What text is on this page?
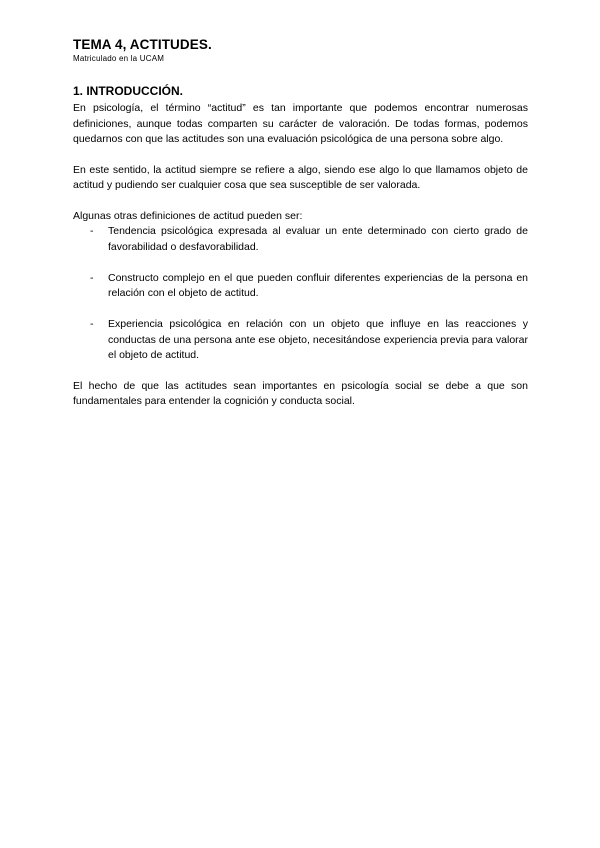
TEMA 4, ACTITUDES.

Matriculado en la UCAM

1. INTRODUCCIÓN.

En psicología, el término “actitud” es tan importante que podemos encontrar numerosas definiciones, aunque todas comparten su carácter de valoración. De todas formas, podemos quedarnos con que las actitudes son una evaluación psicológica de una persona sobre algo.

En este sentido, la actitud siempre se refiere a algo, siendo ese algo lo que llamamos objeto de actitud y pudiendo ser cualquier cosa que sea susceptible de ser valorada.

Algunas otras definiciones de actitud pueden ser:

- Tendencia psicológica expresada al evaluar un ente determinado con cierto grado de favorabilidad o desfavorabilidad.
- Constructo complejo en el que pueden confluir diferentes experiencias de la persona en relación con el objeto de actitud.
- Experiencia psicológica en relación con un objeto que influye en las reacciones y conductas de una persona ante ese objeto, necesitándose experiencia previa para valorar el objeto de actitud.

El hecho de que las actitudes sean importantes en psicología social se debe a que son fundamentales para entender la cognición y conducta social.
